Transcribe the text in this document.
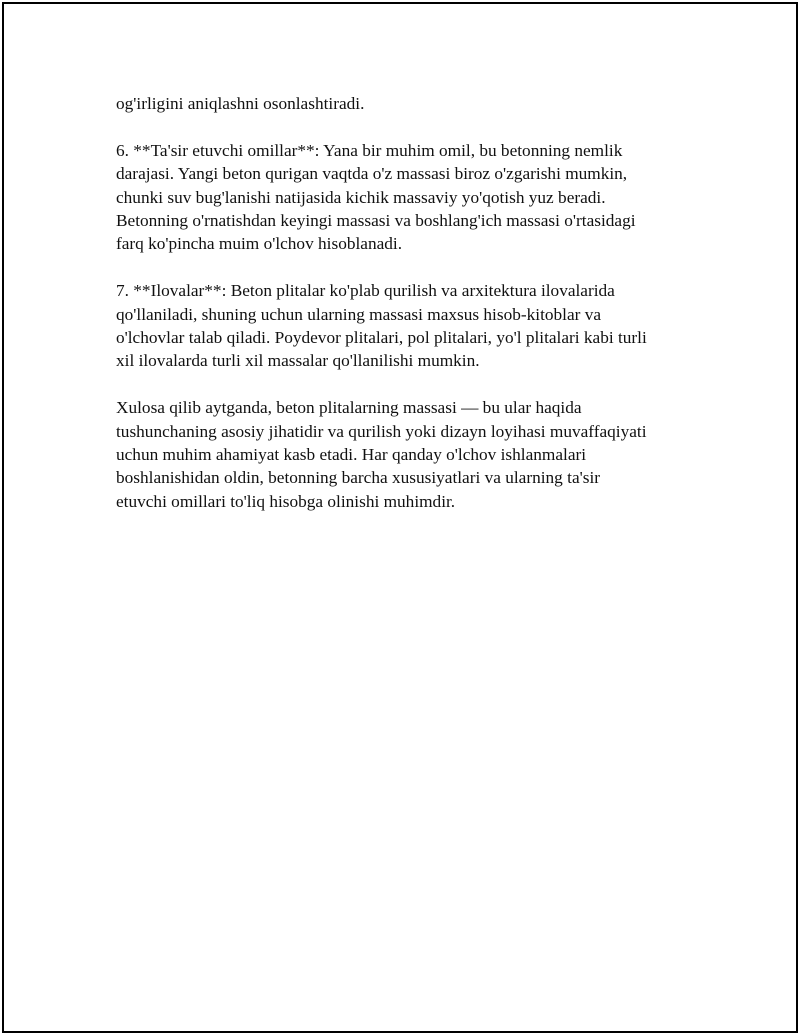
og'irligini aniqlashni osonlashtiradi.

6. **Ta'sir etuvchi omillar**: Yana bir muhim omil, bu betonning nemlik
darajasi. Yangi beton qurigan vaqtda o'z massasi biroz o'zgarishi mumkin,
chunki suv bug'lanishi natijasida kichik massaviy yo'qotish yuz beradi.
Betonning o'rnatishdan keyingi massasi va boshlang'ich massasi o'rtasidagi
farq ko'pincha muim o'lchov hisoblanadi.

7. **Ilovalar**: Beton plitalar ko'plab qurilish va arxitektura ilovalarida
qo'llaniladi, shuning uchun ularning massasi maxsus hisob-kitoblar va
o'lchovlar talab qiladi. Poydevor plitalari, pol plitalari, yo'l plitalari kabi turli
xil ilovalarda turli xil massalar qo'llanilishi mumkin.

Xulosa qilib aytganda, beton plitalarning massasi — bu ular haqida
tushunchaning asosiy jihatidir va qurilish yoki dizayn loyihasi muvaffaqiyati
uchun muhim ahamiyat kasb etadi. Har qanday o'lchov ishlanmalari
boshlanishidan oldin, betonning barcha xususiyatlari va ularning ta'sir
etuvchi omillari to'liq hisobga olinishi muhimdir.
